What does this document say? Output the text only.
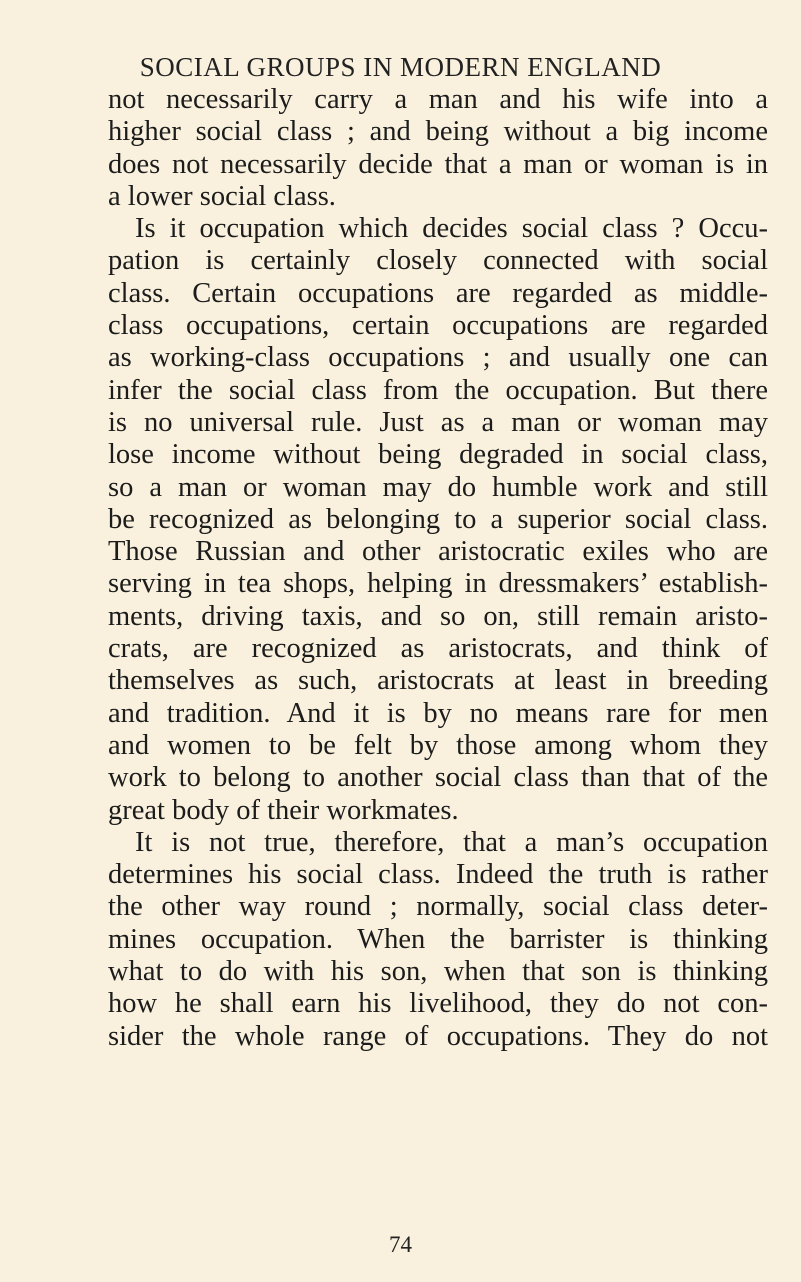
SOCIAL GROUPS IN MODERN ENGLAND
not necessarily carry a man and his wife into a
higher social class ; and being without a big income
does not necessarily decide that a man or woman is in
a lower social class.
Is it occupation which decides social class ? Occu-
pation is certainly closely connected with social
class. Certain occupations are regarded as middle-
class occupations, certain occupations are regarded
as working-class occupations ; and usually one can
infer the social class from the occupation. But there
is no universal rule. Just as a man or woman may
lose income without being degraded in social class,
so a man or woman may do humble work and still
be recognized as belonging to a superior social class.
Those Russian and other aristocratic exiles who are
serving in tea shops, helping in dressmakers’ establish-
ments, driving taxis, and so on, still remain aristo-
crats, are recognized as aristocrats, and think of
themselves as such, aristocrats at least in breeding
and tradition. And it is by no means rare for men
and women to be felt by those among whom they
work to belong to another social class than that of the
great body of their workmates.
It is not true, therefore, that a man’s occupation
determines his social class. Indeed the truth is rather
the other way round ; normally, social class deter-
mines occupation. When the barrister is thinking
what to do with his son, when that son is thinking
how he shall earn his livelihood, they do not con-
sider the whole range of occupations. They do not
74
